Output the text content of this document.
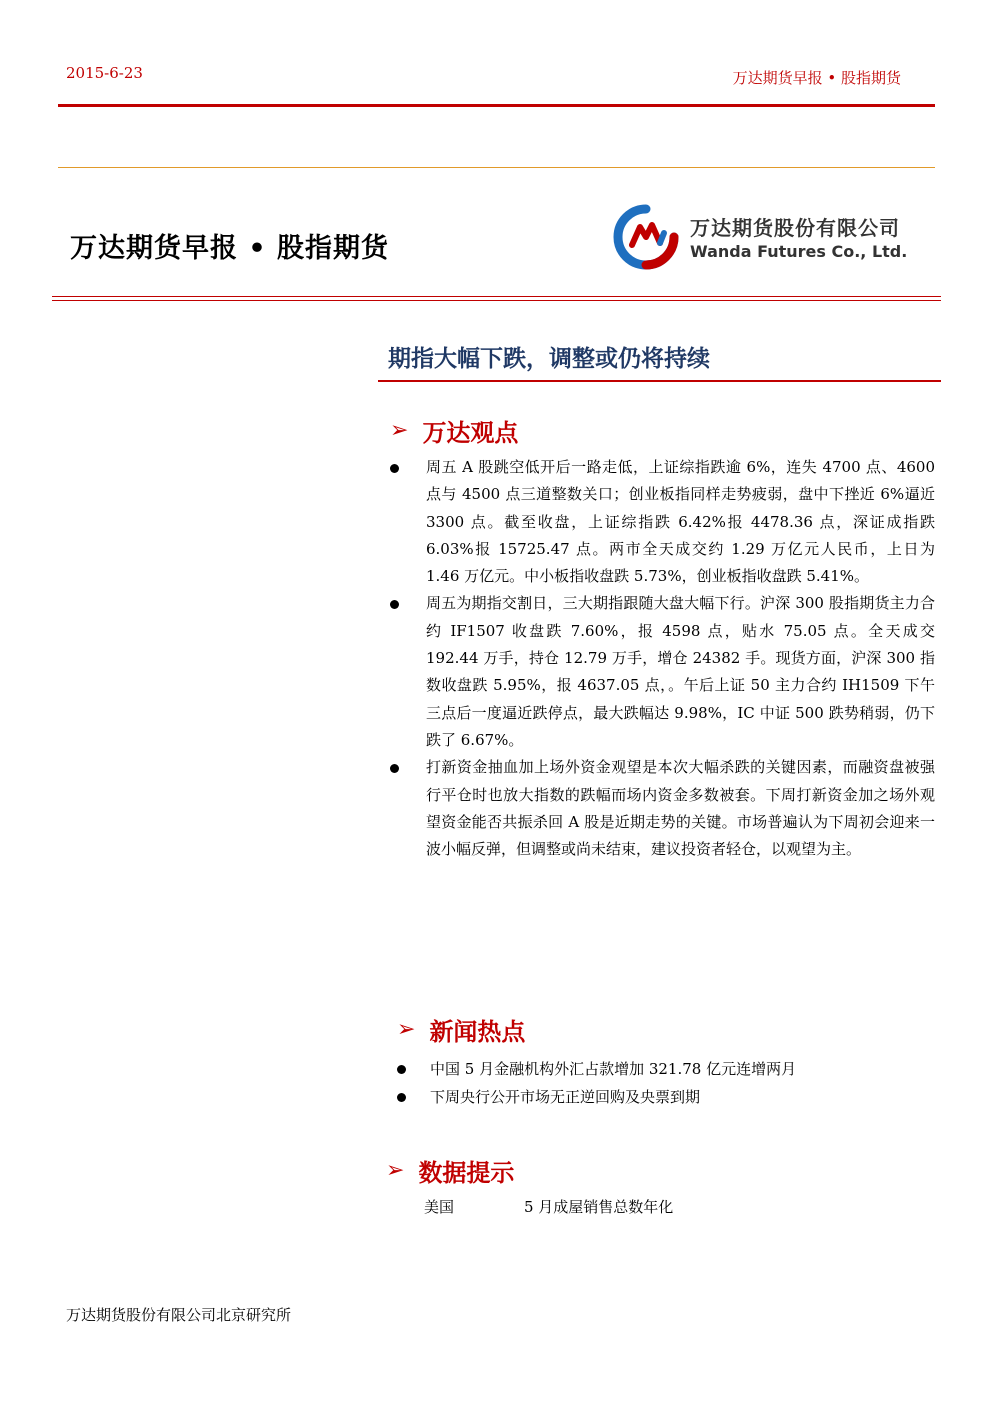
2015-6-23	万达期货早报 • 股指期货
万达期货早报 • 股指期货
万达期货股份有限公司
Wanda Futures Co., Ltd.
期指大幅下跌，调整或仍将持续
➢ 万达观点
周五 A 股跳空低开后一路走低，上证综指跌逾 6%，连失 4700 点、4600 点与 4500 点三道整数关口；创业板指同样走势疲弱，盘中下挫近 6%逼近 3300 点。截至收盘，上证综指跌 6.42%报 4478.36 点，深证成指跌 6.03%报 15725.47 点。两市全天成交约 1.29 万亿元人民币，上日为 1.46 万亿元。中小板指收盘跌 5.73%，创业板指收盘跌 5.41%。
周五为期指交割日，三大期指跟随大盘大幅下行。沪深 300 股指期货主力合约 IF1507 收盘跌 7.60%，报 4598 点，贴水 75.05 点。全天成交 192.44 万手，持仓 12.79 万手，增仓 24382 手。现货方面，沪深 300 指数收盘跌 5.95%，报 4637.05 点，。午后上证 50 主力合约 IH1509 下午三点后一度逼近跌停点，最大跌幅达 9.98%，IC 中证 500 跌势稍弱，仍下跌了 6.67%。
打新资金抽血加上场外资金观望是本次大幅杀跌的关键因素，而融资盘被强行平仓时也放大指数的跌幅而场内资金多数被套。下周打新资金加之场外观望资金能否共振杀回 A 股是近期走势的关键。市场普遍认为下周初会迎来一波小幅反弹，但调整或尚未结束，建议投资者轻仓，以观望为主。
➢ 新闻热点
中国 5 月金融机构外汇占款增加 321.78 亿元连增两月
下周央行公开市场无正逆回购及央票到期
➢ 数据提示
美国	5 月成屋销售总数年化
万达期货股份有限公司北京研究所
